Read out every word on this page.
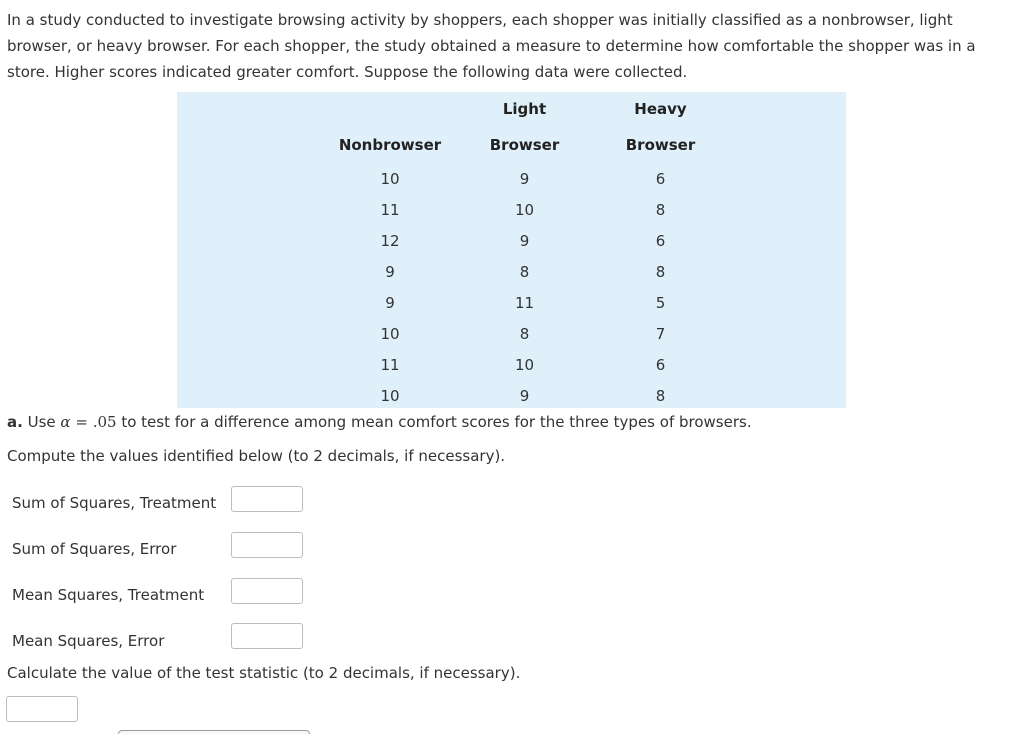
In a study conducted to investigate browsing activity by shoppers, each shopper was initially classified as a nonbrowser, light browser, or heavy browser. For each shopper, the study obtained a measure to determine how comfortable the shopper was in a store. Higher scores indicated greater comfort. Suppose the following data were collected.

	Light	Heavy
Nonbrowser	Browser	Browser
10	9	6
11	10	8
12	9	6
9	8	8
9	11	5
10	8	7
11	10	6
10	9	8

a. Use α = .05 to test for a difference among mean comfort scores for the three types of browsers.

Compute the values identified below (to 2 decimals, if necessary).

Sum of Squares, Treatment
Sum of Squares, Error
Mean Squares, Treatment
Mean Squares, Error

Calculate the value of the test statistic (to 2 decimals, if necessary).
